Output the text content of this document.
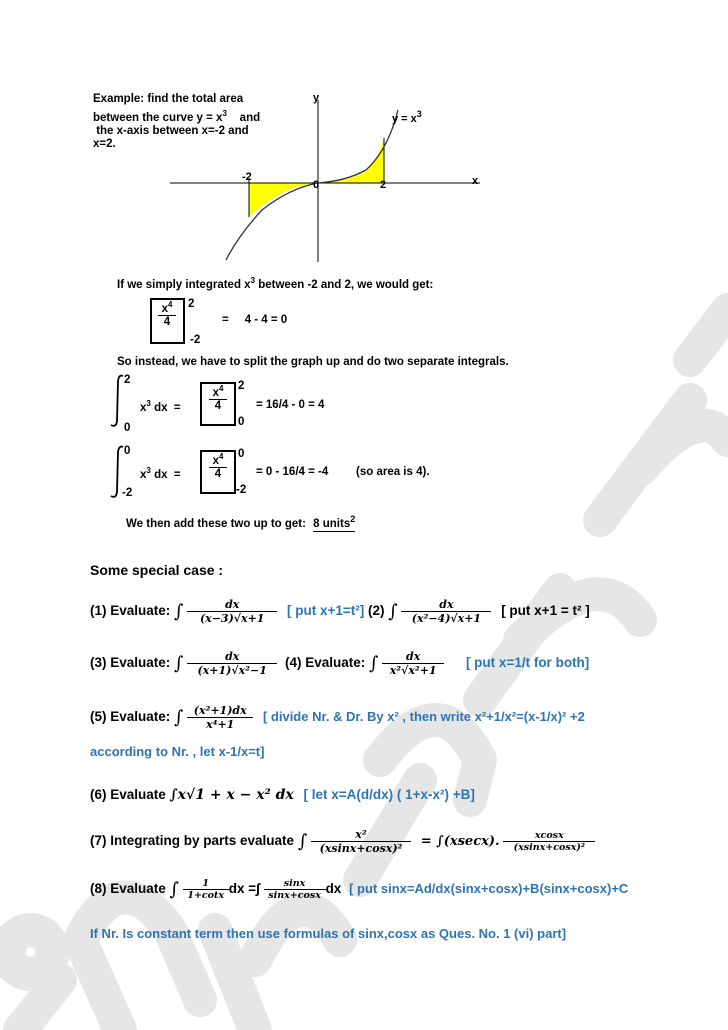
Example: find the total area
between the curve $y = x^3$ and
the x-axis between x=-2 and
x=2.
y
x
$y = x^3$
-2
0	2
If we simply integrated $x^3$ between -2 and 2, we would get:
$x^4$
4
2
-2
=     4 - 4 = 0
So instead, we have to split the graph up and do two separate integrals.
2
0
$x^3$ dx  =
$x^4$
4
2
0
= 16/4 - 0 = 4
0
-2
$x^3$ dx  =
$x^4$
4
0
-2
= 0 - 16/4 = -4 (so area is 4).
We then add these two up to get: 8 units$^2$
Some special case :
(1) Evaluate: ∫ $\frac{dx}{(x-3)√x+1}$ [ put x+1=t²] (2) ∫ $\frac{dx}{\text{(x²−4)√x+1}}$ [ put x+1 = t² ]
(3) Evaluate: ∫ $\frac{dx}{\text{(x+1)√x²−1}} (4)$ Evaluate: ∫ $\frac{dx}{\text{x²√x²+1}}$ [ put x=1/t for both]
(5) Evaluate: ∫ $\frac{\text{(x²+1)dx}}{\text{x⁴+1}}$ [ divide Nr. & Dr. By x² , then write x²+1/x²=(x-1/x)² +2
according to Nr. , let x-1/x=t]
(6) Evaluate ∫x√1 + x − x² dx [ let x=A(d/dx) ( 1+x-x²) +B]
(7) Integrating by parts evaluate ∫ $\frac{\text{x²}}{\text{(xsinx+cosx)²}} = \int(xsecx)$. $\frac{xcosx}{\text{(xsinx+cosx)²}}$
(8) Evaluate ∫ $\frac{1}{1+\cot x}$ dx =∫ $\frac{\sin x}{\sin x+\cos x}$ dx [ put sinx=Ad/dx(sinx+cosx)+B(sinx+cosx)+C
If Nr. Is constant term then use formulas of sinx,cosx as Ques. No. 1 (vi) part]
